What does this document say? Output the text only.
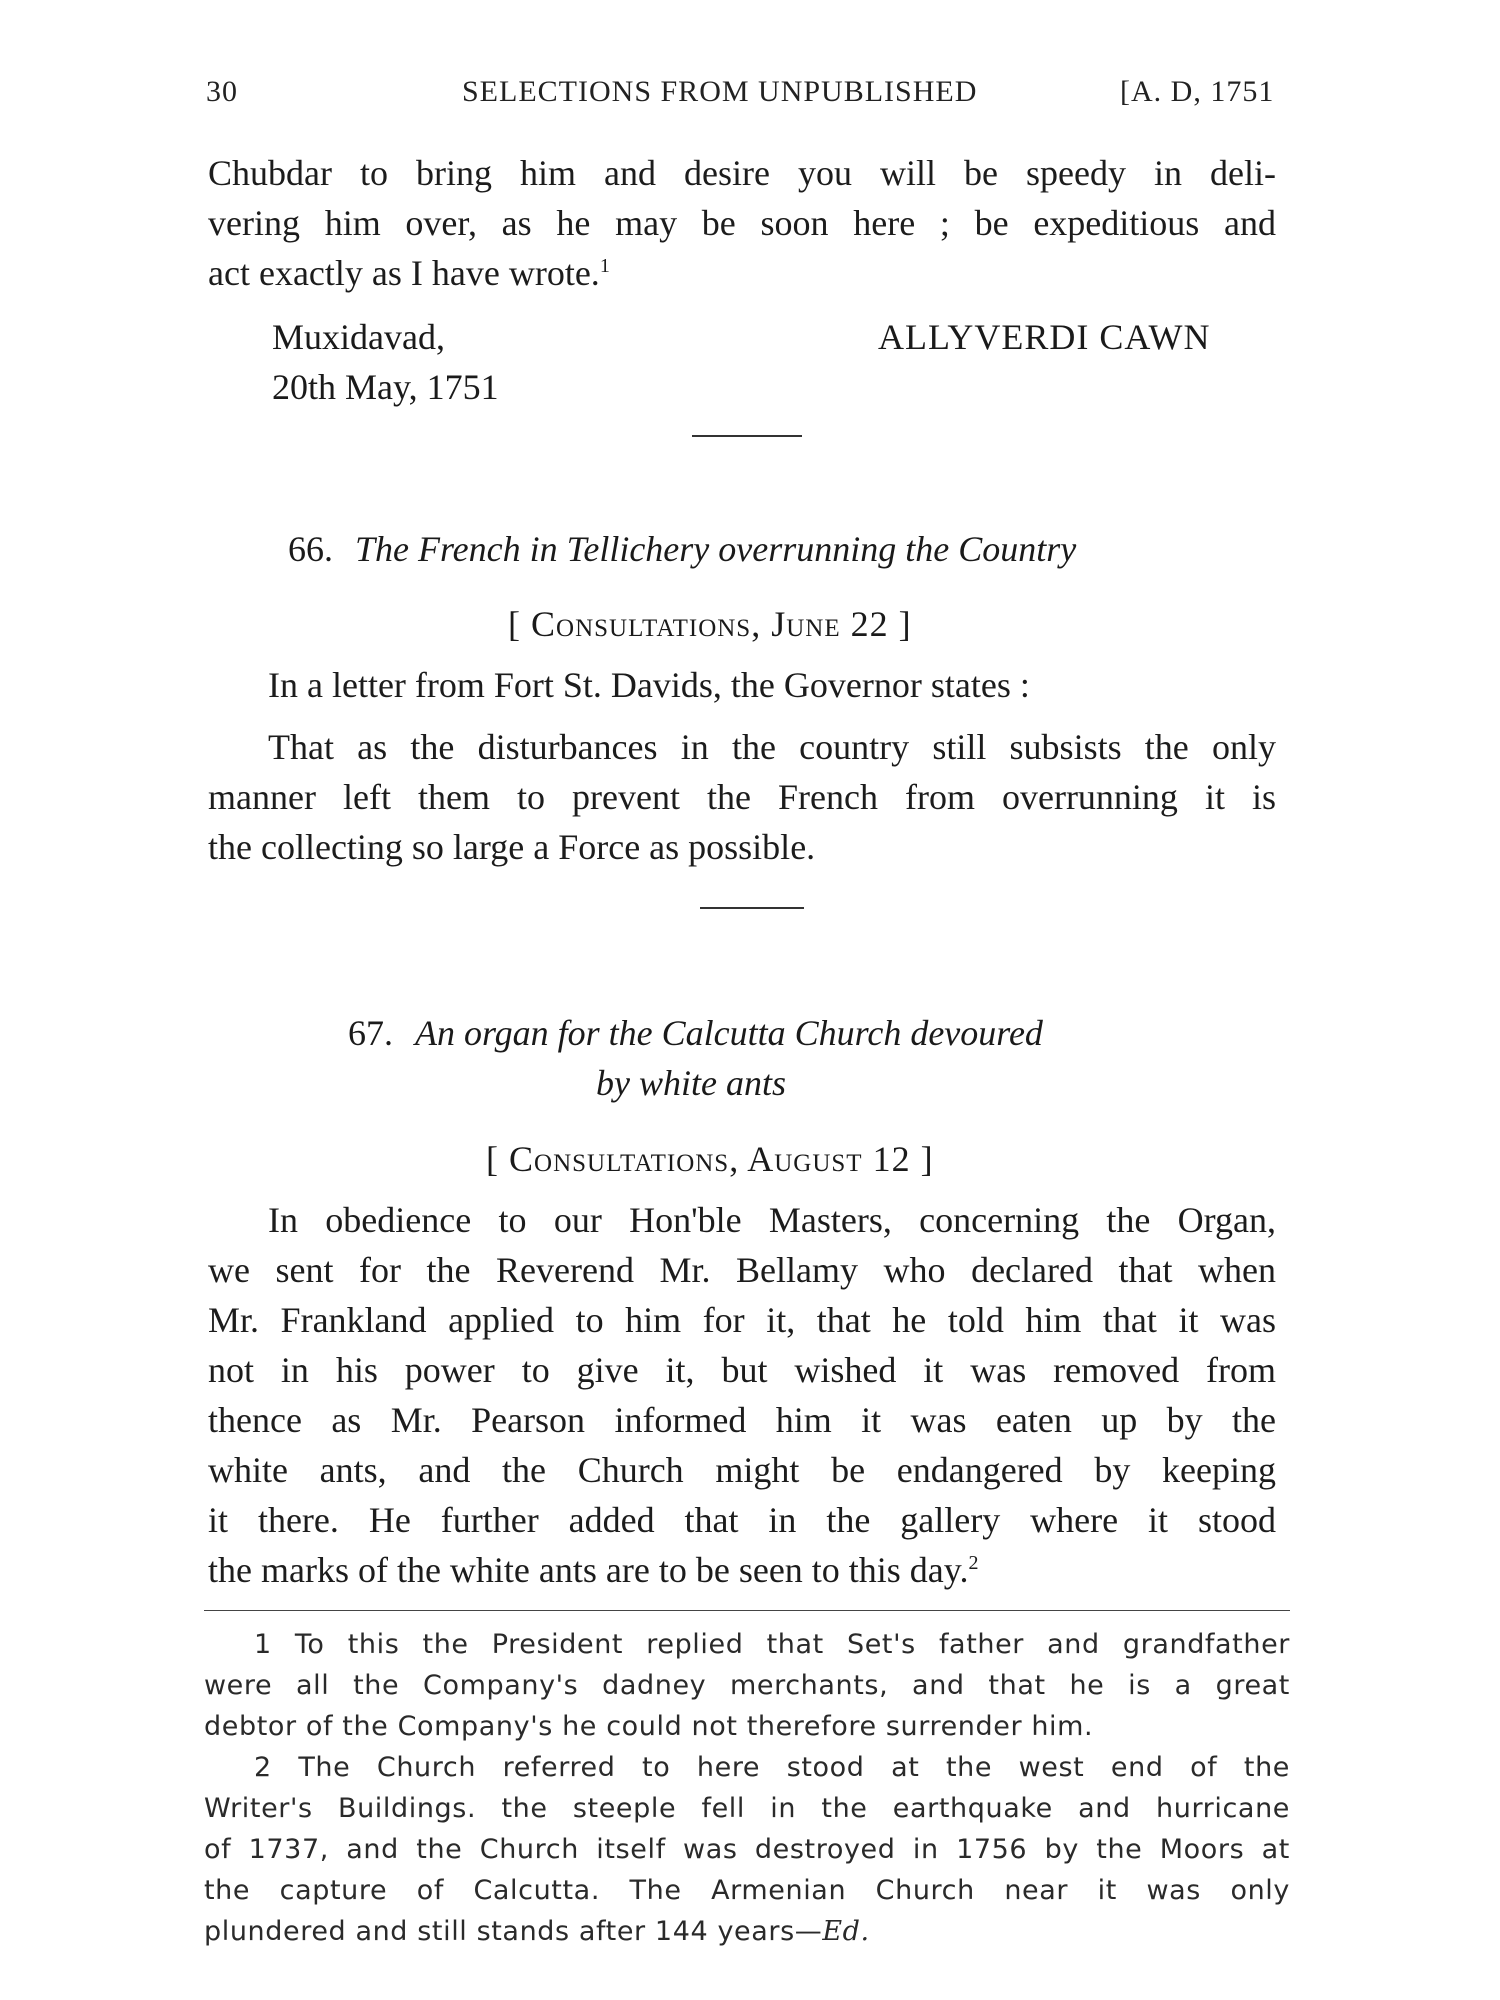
30	SELECTIONS FROM UNPUBLISHED	[A. D, 1751
Chubdar to bring him and desire you will be speedy in deli-
vering him over, as he may be soon here ; be expeditious and
act exactly as I have wrote.$^1$
Muxidavad,
20th May, 1751
ALLYVERDI CAWN
66. The French in Tellichery overrunning the Country
[ Consultations, June 22 ]
In a letter from Fort St. Davids, the Governor states :
That as the disturbances in the country still subsists the only
manner left them to prevent the French from overrunning it is
the collecting so large a Force as possible.
67. An organ for the Calcutta Church devoured
by white ants
[ Consultations, August 12 ]
In obedience to our Hon'ble Masters, concerning the Organ,
we sent for the Reverend Mr. Bellamy who declared that when
Mr. Frankland applied to him for it, that he told him that it was
not in his power to give it, but wished it was removed from
thence as Mr. Pearson informed him it was eaten up by the
white ants, and the Church might be endangered by keeping
it there. He further added that in the gallery where it stood
the marks of the white ants are to be seen to this day.$^2$
1 To this the President replied that Set's father and grandfather
were all the Company's dadney merchants, and that he is a great
debtor of the Company's he could not therefore surrender him.
2 The Church referred to here stood at the west end of the
Writer's Buildings. the steeple fell in the earthquake and hurricane
of 1737, and the Church itself was destroyed in 1756 by the Moors at
the capture of Calcutta. The Armenian Church near it was only
plundered and still stands after 144 years—Ed.
